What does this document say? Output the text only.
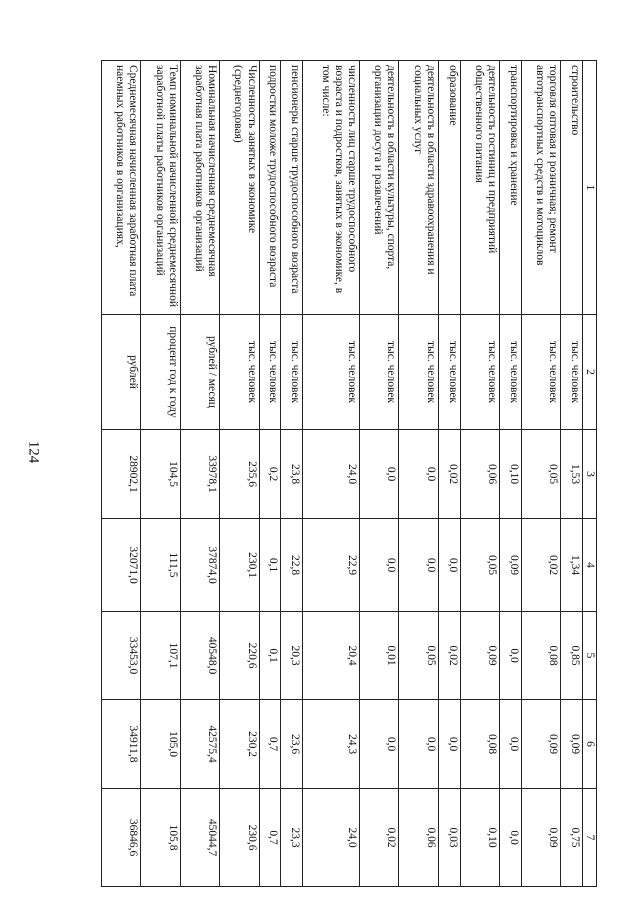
124
1	2	3	4	5	6	7
строительство	тыс. человек	1,53	1,34	0,85	0,09	0,75
торговля оптовая и розничная; ремонт автотранспортных средств и мотоциклов	тыс. человек	0,05	0,02	0,08	0,09	0,09
транспортировка и хранение	тыс. человек	0,10	0,09	0,0	0,0	0,0
деятельность гостиниц и предприятий общественного питания	тыс. человек	0,06	0,05	0,09	0,08	0,10
образование	тыс. человек	0,02	0,0	0,02	0,0	0,03
деятельность в области здравоохранения и социальных услуг	тыс. человек	0,0	0,0	0,05	0,0	0,06
деятельность в области культуры, спорта, организации досуга и развлечений	тыс. человек	0,0	0,0	0,01	0,0	0,02
численность лиц старше трудоспособного возраста и подростков, занятых в экономике, в том числе:	тыс. человек	24,0	22,9	20,4	24,3	24,0
пенсионеры старше трудоспособного возраста	тыс. человек	23,8	22,8	20,3	23,6	23,3
подростки моложе трудоспособного возраста	тыс. человек	0,2	0,1	0,1	0,7	0,7
Численность занятых в экономике (среднегодовая)	тыс. человек	235,6	230,1	220,6	230,2	230,6
Номинальная начисленная среднемесячная заработная плата работников организаций	рублей / месяц	33978,1	37874,0	40548,0	42575,4	45044,7
Темп номинальной начисленной среднемесячной заработной платы работников организаций	процент год к году	104,5	111,5	107,1	105,0	105,8
Среднемесячная начисленная заработная плата наемных работников в организациях,	рублей	28902,1	32071,0	33453,0	34911,8	36846,6
